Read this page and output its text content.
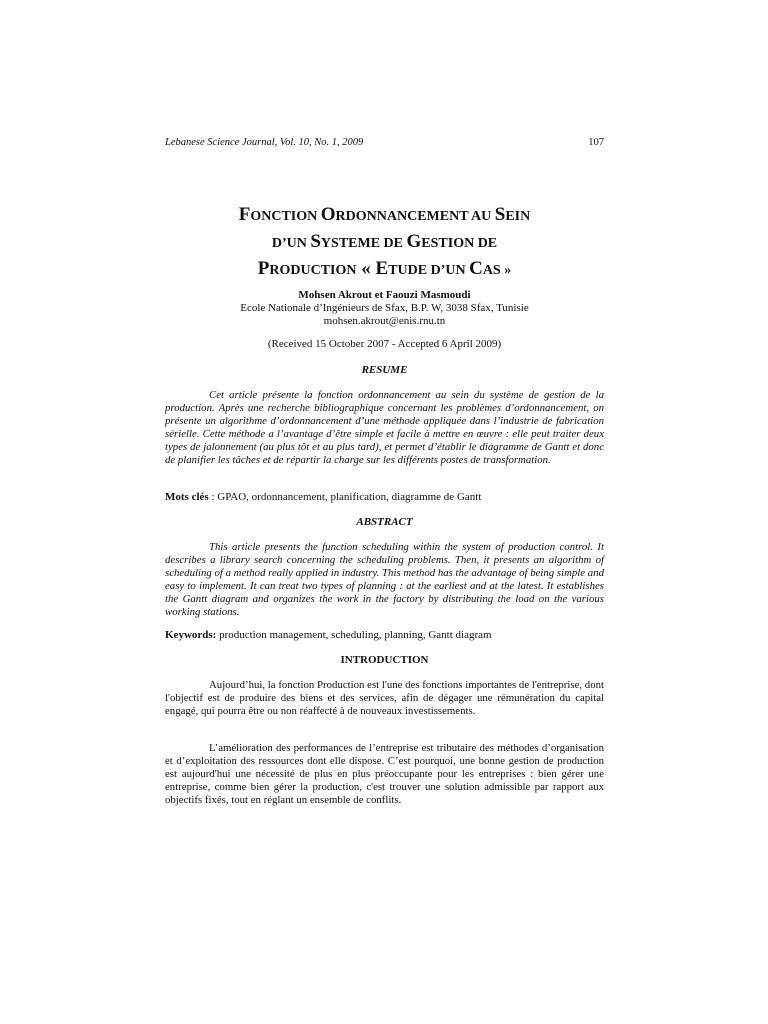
Lebanese Science Journal, Vol. 10, No. 1, 2009	107
FONCTION ORDONNANCEMENT AU SEIN
D’UN SYSTEME DE GESTION DE
PRODUCTION « ETUDE D’UN CAS »
Mohsen Akrout et Faouzi Masmoudi
Ecole Nationale d’Ingénieurs de Sfax, B.P. W, 3038 Sfax, Tunisie
mohsen.akrout@enis.rnu.tn
(Received 15 October 2007 - Accepted 6 April 2009)
RESUME

Cet article présente la fonction ordonnancement au sein du système de gestion de la production. Après une recherche bibliographique concernant les problèmes d’ordonnancement, on présente un algorithme d’ordonnancement d’une méthode appliquée dans l’industrie de fabrication sérielle. Cette méthode a l’avantage d’être simple et facile à mettre en œuvre : elle peut traiter deux types de jalonnement (au plus tôt et au plus tard), et permet d’établir le diagramme de Gantt et donc de planifier les tâches et de répartir la charge sur les différents postes de transformation.

Mots clés : GPAO, ordonnancement, planification, diagramme de Gantt
ABSTRACT

This article presents the function scheduling within the system of production control. It describes a library search concerning the scheduling problems. Then, it presents an algorithm of scheduling of a method really applied in industry. This method has the advantage of being simple and easy to implement. It can treat two types of planning : at the earliest and at the latest. It establishes the Gantt diagram and organizes the work in the factory by distributing the load on the various working stations.

Keywords: production management, scheduling, planning, Gantt diagram
INTRODUCTION

Aujourd’hui, la fonction Production est l'une des fonctions importantes de l'entreprise, dont l'objectif est de produire des biens et des services, afin de dégager une rémunération du capital engagé, qui pourra être ou non réaffecté à de nouveaux investissements.

L’amélioration des performances de l’entreprise est tributaire des méthodes d’organisation et d’exploitation des ressources dont elle dispose. C’est pourquoi, une bonne gestion de production est aujourd'hui une nécessité de plus en plus préoccupante pour les entreprises : bien gérer une entreprise, comme bien gérer la production, c'est trouver une solution admissible par rapport aux objectifs fixés, tout en réglant un ensemble de conflits.
